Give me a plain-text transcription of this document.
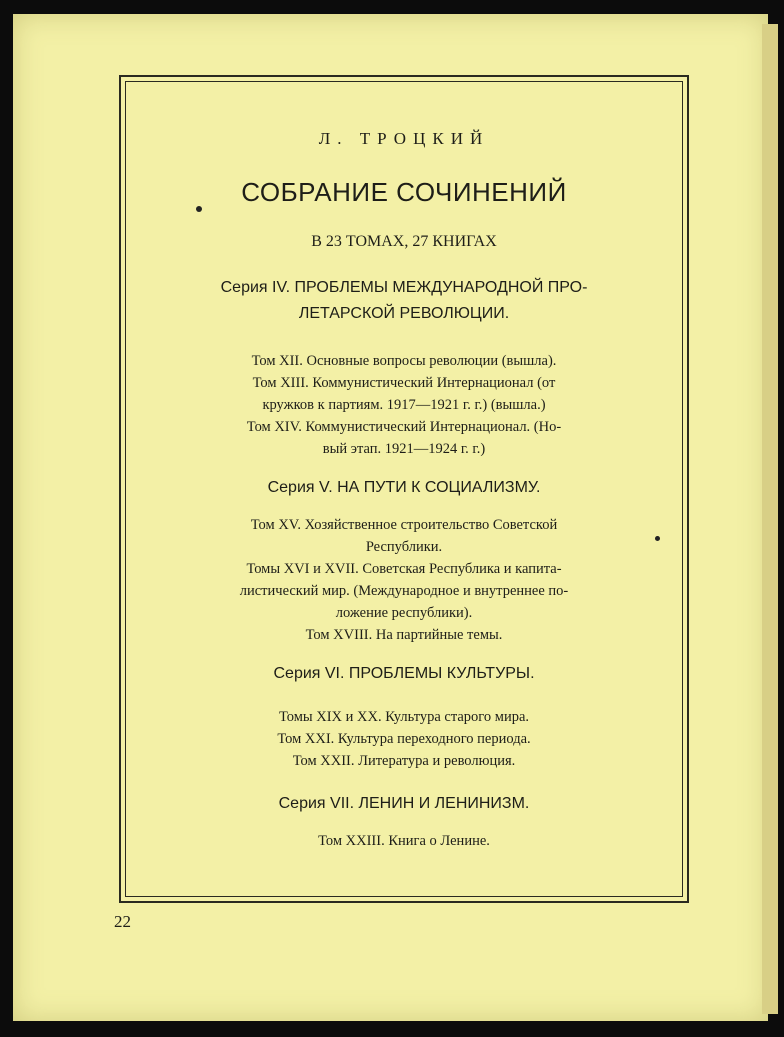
Л. ТРОЦКИЙ
СОБРАНИЕ СОЧИНЕНИЙ
В 23 ТОМАХ, 27 КНИГАХ
Серия IV. ПРОБЛЕМЫ МЕЖДУНАРОДНОЙ ПРО-
ЛЕТАРСКОЙ РЕВОЛЮЦИИ.
Том XII. Основные вопросы революции (вышла).
Том XIII. Коммунистический Интернационал (от
кружков к партиям. 1917—1921 г. г.) (вышла.)
Том XIV. Коммунистический Интернационал. (Но-
вый этап. 1921—1924 г. г.)
Серия V. НА ПУТИ К СОЦИАЛИЗМУ.
Том XV. Хозяйственное строительство Советской
Республики.
Томы XVI и XVII. Советская Республика и капита-
листический мир. (Международное и внутреннее по-
ложение республики).
Том XVIII. На партийные темы.
Серия VI. ПРОБЛЕМЫ КУЛЬТУРЫ.
Томы XIX и XX. Культура старого мира.
Том XXI. Культура переходного периода.
Том XXII. Литература и революция.
Серия VII. ЛЕНИН И ЛЕНИНИЗМ.
Том XXIII. Книга о Ленине.
22
